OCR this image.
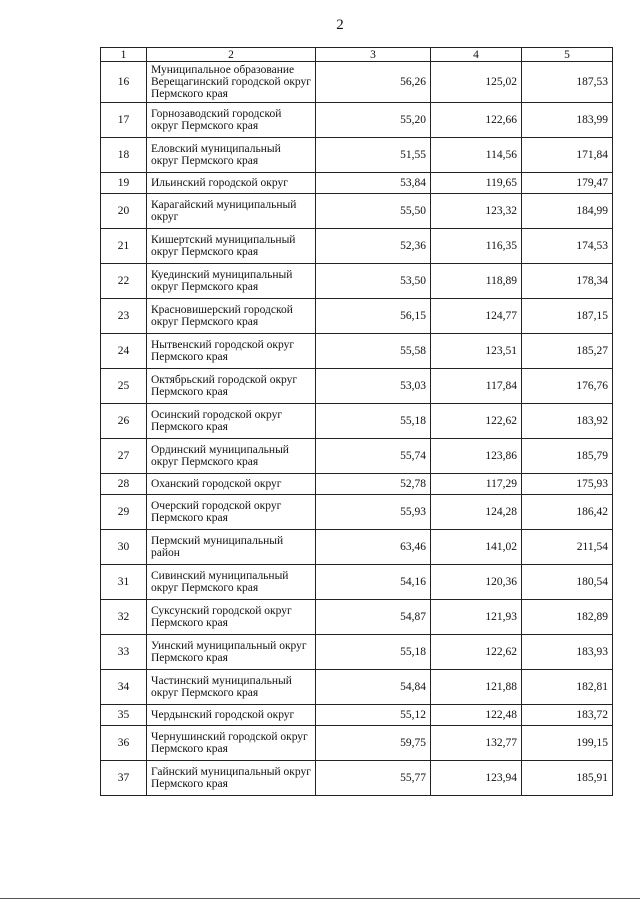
2
1	2	3	4	5
16	Муниципальное образование Верещагинский городской округ Пермского края	56,26	125,02	187,53
17	Горнозаводский городской округ Пермского края	55,20	122,66	183,99
18	Еловский муниципальный округ Пермского края	51,55	114,56	171,84
19	Ильинский городской округ	53,84	119,65	179,47
20	Карагайский муниципальный округ	55,50	123,32	184,99
21	Кишертский муниципальный округ Пермского края	52,36	116,35	174,53
22	Куединский муниципальный округ Пермского края	53,50	118,89	178,34
23	Красновишерский городской округ Пермского края	56,15	124,77	187,15
24	Нытвенский городской округ Пермского края	55,58	123,51	185,27
25	Октябрьский городской округ Пермского края	53,03	117,84	176,76
26	Осинский городской округ Пермского края	55,18	122,62	183,92
27	Ординский муниципальный округ Пермского края	55,74	123,86	185,79
28	Оханский городской округ	52,78	117,29	175,93
29	Очерский городской округ Пермского края	55,93	124,28	186,42
30	Пермский муниципальный район	63,46	141,02	211,54
31	Сивинский муниципальный округ Пермского края	54,16	120,36	180,54
32	Суксунский городской округ Пермского края	54,87	121,93	182,89
33	Уинский муниципальный округ Пермского края	55,18	122,62	183,93
34	Частинский муниципальный округ Пермского края	54,84	121,88	182,81
35	Чердынский городской округ	55,12	122,48	183,72
36	Чернушинский городской округ Пермского края	59,75	132,77	199,15
37	Гайнский муниципальный округ Пермского края	55,77	123,94	185,91
